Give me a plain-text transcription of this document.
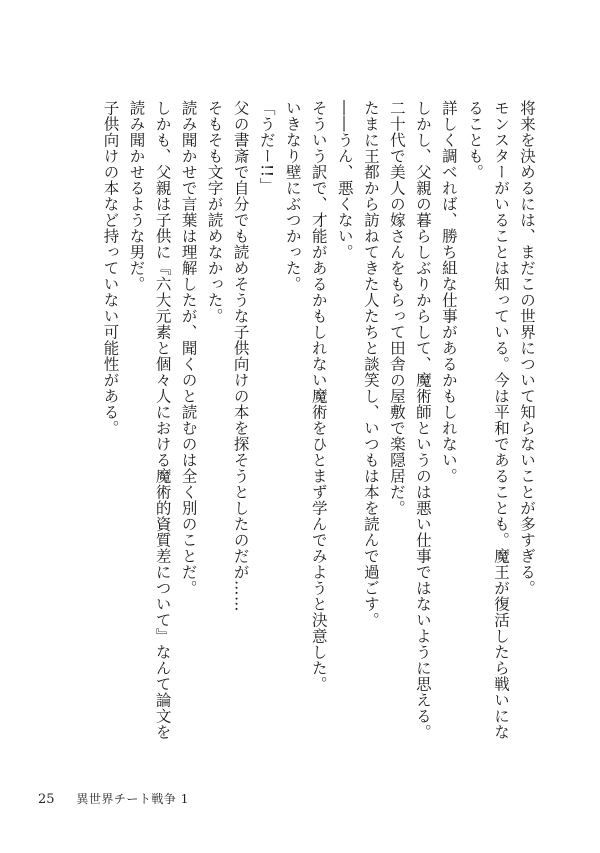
将来を決めるには、まだこの世界について知らないことが多すぎる。
モンスターがいることは知っている。今は平和であることも。魔王が復活したら戦いになることも。
詳しく調べれば、勝ち組な仕事があるかもしれない。
しかし、父親の暮らしぶりからして、魔術師というのは悪い仕事ではないように思える。二十代で美人の嫁さんをもらって田舎の屋敷で楽隠居だ。
たまに王都から訪ねてきた人たちと談笑し、いつもは本を読んで過ごす。
――うん、悪くない。
そういう訳で、才能があるかもしれない魔術をひとまず学んでみようと決意した。
いきなり壁にぶつかった。
「うだー!!」
父の書斎で自分でも読めそうな子供向けの本を探そうとしたのだが……
そもそも文字が読めなかった。
読み聞かせで言葉は理解したが、聞くのと読むのは全く別のことだ。
しかも、父親は子供に『六大元素と個々人における魔術的資質差について』なんて論文を読み聞かせるような男だ。
子供向けの本など持っていない可能性がある。
25 異世界チート戦争 1
